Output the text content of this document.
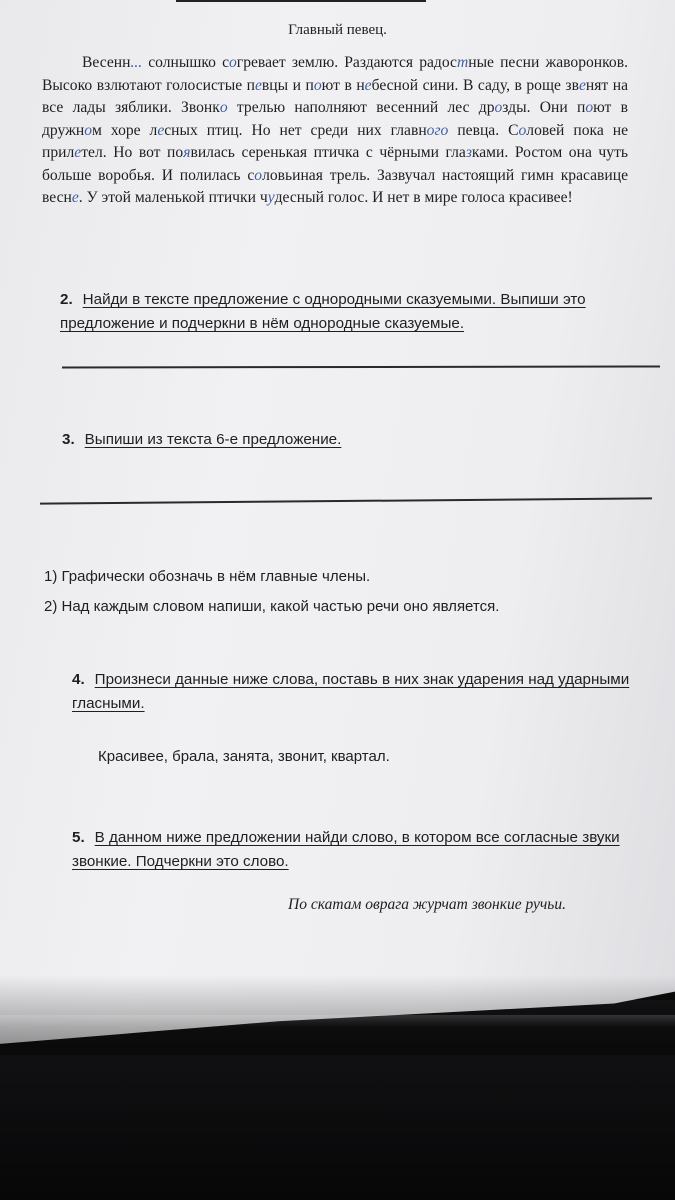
Главный певец.
Весенн... солнышко согревает землю. Раздаются радостные песни жаворонков. Высоко взлютают голосистые певцы и поют в небесной сини. В саду, в роще звенят на все лады зяблики. Звонко трелью наполняют весенний лес дрозды. Они поют в дружном хоре лесных птиц. Но нет среди них главного певца. Соловей пока не прилетел. Но вот появилась серенькая птичка с чёрными глазками. Ростом она чуть больше воробья. И полилась соловьиная трель. Зазвучал настоящий гимн красавице весне. У этой маленькой птички чудесный голос. И нет в мире голоса красивее!
2. Найди в тексте предложение с однородными сказуемыми. Выпиши это предложение и подчеркни в нём однородные сказуемые.
3. Выпиши из текста 6-е предложение.
1) Графически обозначь в нём главные члены.
2) Над каждым словом напиши, какой частью речи оно является.
4. Произнеси данные ниже слова, поставь в них знак ударения над ударными гласными.
Красивее, брала, занята, звонит, квартал.
5. В данном ниже предложении найди слово, в котором все согласные звуки звонкие. Подчеркни это слово.
По скатам оврага журчат звонкие ручьи.
